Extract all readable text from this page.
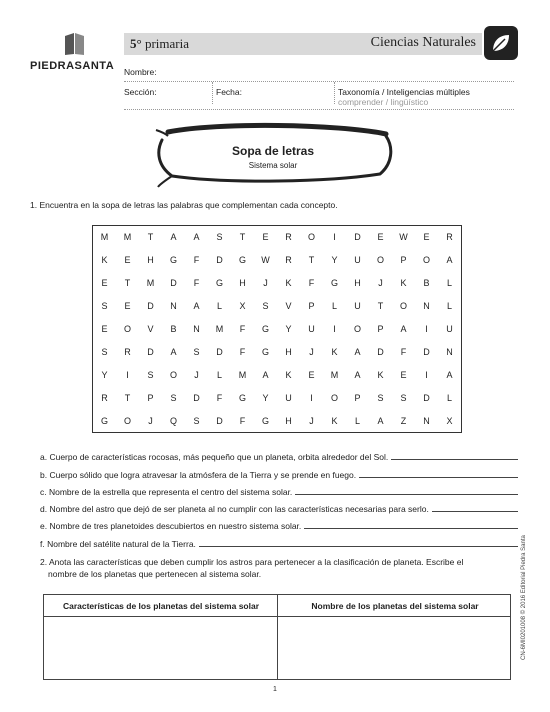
PIEDRASANTA
5° primaria	Ciencias Naturales
Nombre:
Sección:	Fecha:	Taxonomía / Inteligencias múltiples
comprender / lingüístico
Sopa de letras
Sistema solar
1. Encuentra en la sopa de letras las palabras que complementan cada concepto.
M	M	T	A	A	S	T	E	R	O	I	D	E	W	E	R
K	E	H	G	F	D	G	W	R	T	Y	U	O	P	O	A
E	T	M	D	F	G	H	J	K	F	G	H	J	K	B	L
S	E	D	N	A	L	X	S	V	P	L	U	T	O	N	L
E	O	V	B	N	M	F	G	Y	U	I	O	P	A	I	U
S	R	D	A	S	D	F	G	H	J	K	A	D	F	D	N
Y	I	S	O	J	L	M	A	K	E	M	A	K	E	I	A
R	T	P	S	D	F	G	Y	U	I	O	P	S	S	D	L
G	O	J	Q	S	D	F	G	H	J	K	L	A	Z	N	X
a. Cuerpo de características rocosas, más pequeño que un planeta, orbita alrededor del Sol.
b. Cuerpo sólido que logra atravesar la atmósfera de la Tierra y se prende en fuego.
c. Nombre de la estrella que representa el centro del sistema solar.
d. Nombre del astro que dejó de ser planeta al no cumplir con las características necesarias para serlo.
e. Nombre de tres planetoides descubiertos en nuestro sistema solar.
f. Nombre del satélite natural de la Tierra.
2. Anota las características que deben cumplir los astros para pertenecer a la clasificación de planeta. Escribe el
nombre de los planetas que pertenecen al sistema solar.
Características de los planetas del sistema solar	Nombre de los planetas del sistema solar	CN-6MI0201008 © 2016 Editorial Piedra Santa
1
